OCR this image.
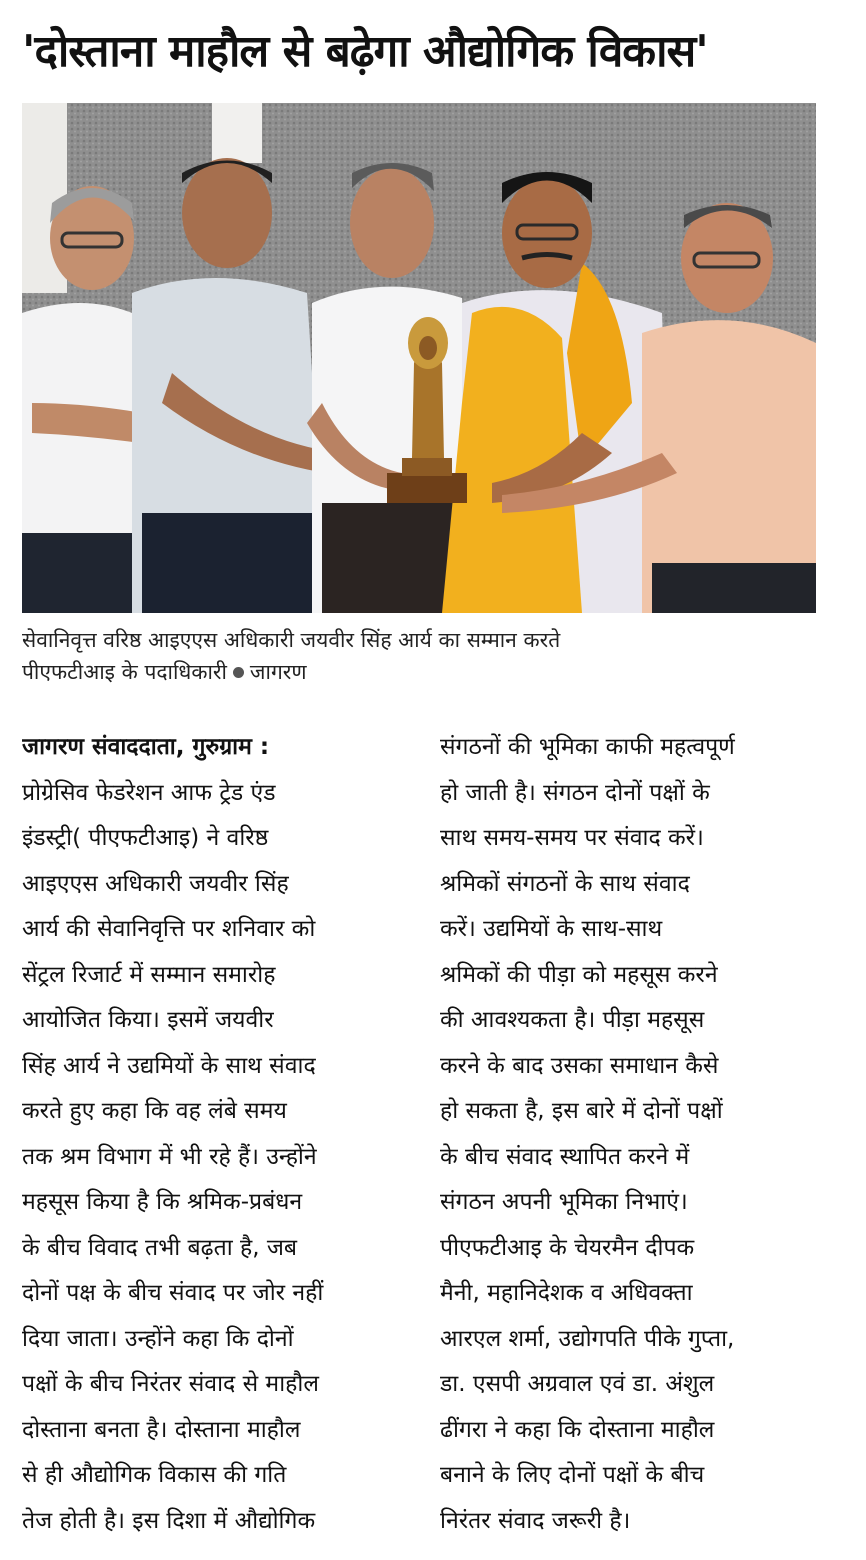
'दोस्ताना माहौल से बढ़ेगा औद्योगिक विकास'
सेवानिवृत्त वरिष्ठ आइएएस अधिकारी जयवीर सिंह आर्य का सम्मान करते
पीएफटीआइ के पदाधिकारी जागरण
जागरण संवाददाता, गुरुग्राम :
प्रोग्रेसिव फेडरेशन आफ ट्रेड एंड
इंडस्ट्री( पीएफटीआइ) ने वरिष्ठ
आइएएस अधिकारी जयवीर सिंह
आर्य की सेवानिवृत्ति पर शनिवार को
सेंट्रल रिजार्ट में सम्मान समारोह
आयोजित किया। इसमें जयवीर
सिंह आर्य ने उद्यमियों के साथ संवाद
करते हुए कहा कि वह लंबे समय
तक श्रम विभाग में भी रहे हैं। उन्होंने
महसूस किया है कि श्रमिक-प्रबंधन
के बीच विवाद तभी बढ़ता है, जब
दोनों पक्ष के बीच संवाद पर जोर नहीं
दिया जाता। उन्होंने कहा कि दोनों
पक्षों के बीच निरंतर संवाद से माहौल
दोस्ताना बनता है। दोस्ताना माहौल
से ही औद्योगिक विकास की गति
तेज होती है। इस दिशा में औद्योगिक
संगठनों की भूमिका काफी महत्वपूर्ण
हो जाती है। संगठन दोनों पक्षों के
साथ समय-समय पर संवाद करें।
श्रमिकों संगठनों के साथ संवाद
करें। उद्यमियों के साथ-साथ
श्रमिकों की पीड़ा को महसूस करने
की आवश्यकता है। पीड़ा महसूस
करने के बाद उसका समाधान कैसे
हो सकता है, इस बारे में दोनों पक्षों
के बीच संवाद स्थापित करने में
संगठन अपनी भूमिका निभाएं।
पीएफटीआइ के चेयरमैन दीपक
मैनी, महानिदेशक व अधिवक्ता
आरएल शर्मा, उद्योगपति पीके गुप्ता,
डा. एसपी अग्रवाल एवं डा. अंशुल
ढींगरा ने कहा कि दोस्ताना माहौल
बनाने के लिए दोनों पक्षों के बीच
निरंतर संवाद जरूरी है।
